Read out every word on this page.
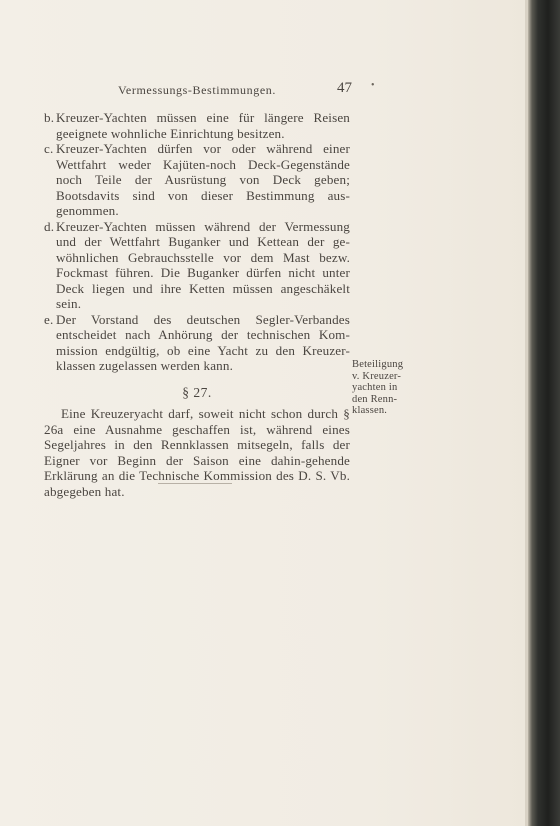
Vermessungs-Bestimmungen.	47 •

b. Kreuzer-Yachten müssen eine für längere Reisen geeignete wohnliche Einrichtung besitzen.

c. Kreuzer-Yachten dürfen vor oder während einer Wettfahrt weder Kajüten-noch Deck-Gegenstände noch Teile der Ausrüstung von Deck geben; Bootsdavits sind von dieser Bestimmung aus-genommen.

d. Kreuzer-Yachten müssen während der Vermessung und der Wettfahrt Buganker und Kettean der ge-wöhnlichen Gebrauchsstelle vor dem Mast bezw. Fockmast führen. Die Buganker dürfen nicht unter Deck liegen und ihre Ketten müssen angeschäkelt sein.

e. Der Vorstand des deutschen Segler-Verbandes entscheidet nach Anhörung der technischen Kom-mission endgültig, ob eine Yacht zu den Kreuzer-klassen zugelassen werden kann.

§ 27.

Eine Kreuzeryacht darf, soweit nicht schon durch § 26a eine Ausnahme geschaffen ist, während eines Segeljahres in den Rennklassen mitsegeln, falls der Eigner vor Beginn der Saison eine dahin-gehende Erklärung an die Technische Kommission des D. S. Vb. abgegeben hat.

Beteiligung
v. Kreuzer-
yachten in
den Renn-
klassen.
